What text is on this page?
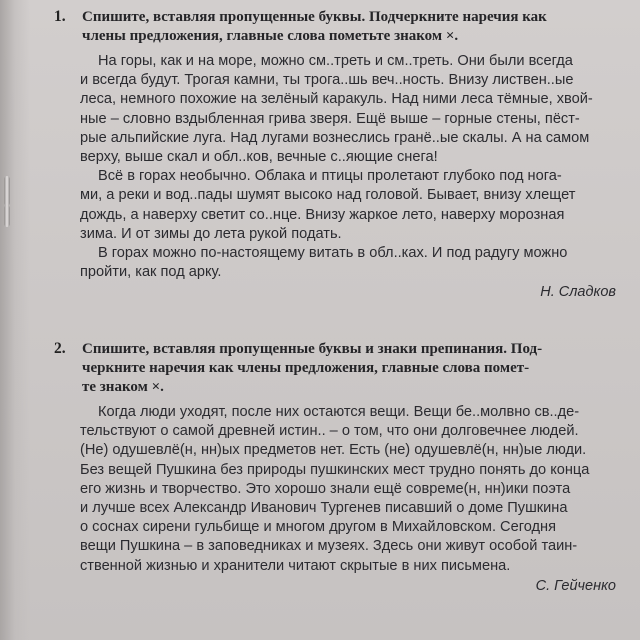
1. Спишите, вставляя пропущенные буквы. Подчеркните наречия как
члены предложения, главные слова пометьте знаком ×.
На горы, как и на море, можно см..треть и см..треть. Они были всегда
и всегда будут. Трогая камни, ты трога..шь веч..ность. Внизу листвен..ые
леса, немного похожие на зелёный каракуль. Над ними леса тёмные, хвой-
ные – словно вздыбленная грива зверя. Ещё выше – горные стены, пёст-
рые альпийские луга. Над лугами вознеслись гранё..ые скалы. А на самом
верху, выше скал и обл..ков, вечные с..яющие снега!
Всё в горах необычно. Облака и птицы пролетают глубоко под нога-
ми, а реки и вод..пады шумят высоко над головой. Бывает, внизу хлещет
дождь, а наверху светит со..нце. Внизу жаркое лето, наверху морозная
зима. И от зимы до лета рукой подать.
В горах можно по-настоящему витать в обл..ках. И под радугу можно
пройти, как под арку.
Н. Сладков
2. Спишите, вставляя пропущенные буквы и знаки препинания. Под-
черкните наречия как члены предложения, главные слова помет-
те знаком ×.
Когда люди уходят, после них остаются вещи. Вещи бе..молвно св..де-
тельствуют о самой древней истин.. – о том, что они долговечнее людей.
(Не) одушевлё(н, нн)ых предметов нет. Есть (не) одушевлё(н, нн)ые люди.
Без вещей Пушкина без природы пушкинских мест трудно понять до конца
его жизнь и творчество. Это хорошо знали ещё совреме(н, нн)ики поэта
и лучше всех Александр Иванович Тургенев писавший о доме Пушкина
о соснах сирени гульбище и многом другом в Михайловском. Сегодня
вещи Пушкина – в заповедниках и музеях. Здесь они живут особой таин-
ственной жизнью и хранители читают скрытые в них письмена.
С. Гейченко
